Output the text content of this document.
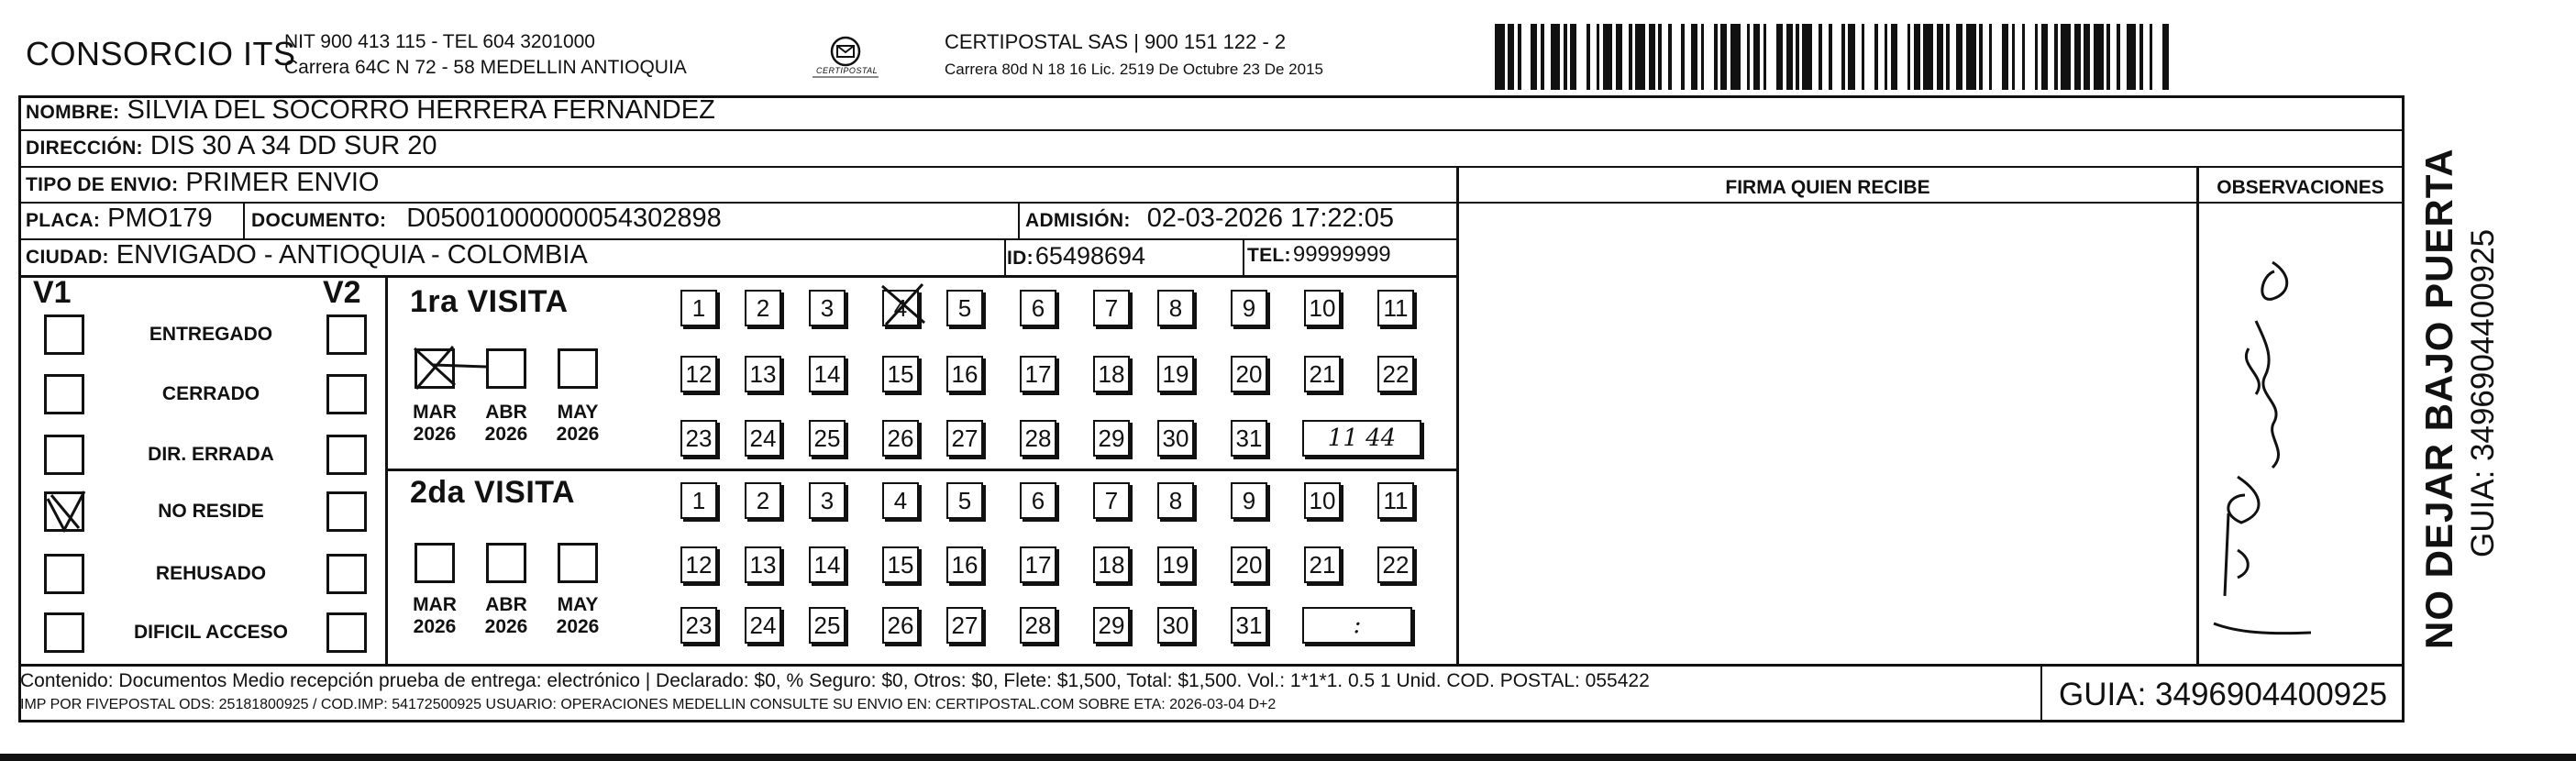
CONSORCIO ITS
NIT 900 413 115 - TEL 604 3201000
Carrera 64C N 72 - 58 MEDELLIN ANTIOQUIA	CERTIPOSTAL
CERTIPOSTAL SAS | 900 151 122 - 2
Carrera 80d N 18 16 Lic. 2519 De Octubre 23 De 2015
NOMBRE: SILVIA DEL SOCORRO HERRERA FERNANDEZ
DIRECCIÓN: DIS 30 A 34 DD SUR 20
TIPO DE ENVIO: PRIMER ENVIO
PLACA: PMO179 DOCUMENTO: D05001000000054302898	ADMISIÓN: 02-03-2026 17:22:05
CIUDAD: ENVIGADO - ANTIOQUIA - COLOMBIA	ID: 65498694	TEL: 99999999
FIRMA QUIEN RECIBE	OBSERVACIONES
V1	V2
ENTREGADO
CERRADO
DIR. ERRADA
NO RESIDE
REHUSADO
DIFICIL ACCESO
1ra VISITA
2da VISITA
1	2	3	4	5	6	7	8	9	10 11
12 13 14 15 16 17 18 19 20 21 22
23 24 25 26 27 28 29 30 31	11 44
1	2	3	4	5	6	7	8	9	10 11
12 13 14 15 16 17 18 19 20 21 22
23 24 25 26 27 28 29 30 31	:
MAR
2026
ABR
2026
MAY
2026
MAR
2026
ABR
2026
MAY
2026
Contenido: Documentos Medio recepción prueba de entrega: electrónico | Declarado: $0, % Seguro: $0, Otros: $0, Flete: $1,500, Total: $1,500. Vol.: 1*1*1. 0.5 1 Unid. COD. POSTAL: 055422
IMP POR FIVEPOSTAL ODS: 25181800925 / COD.IMP: 54172500925 USUARIO: OPERACIONES MEDELLIN CONSULTE SU ENVIO EN: CERTIPOSTAL.COM SOBRE ETA: 2026-03-04 D+2	GUIA: 3496904400925
NO DEJAR BAJO PUERTA GUIA: 3496904400925
